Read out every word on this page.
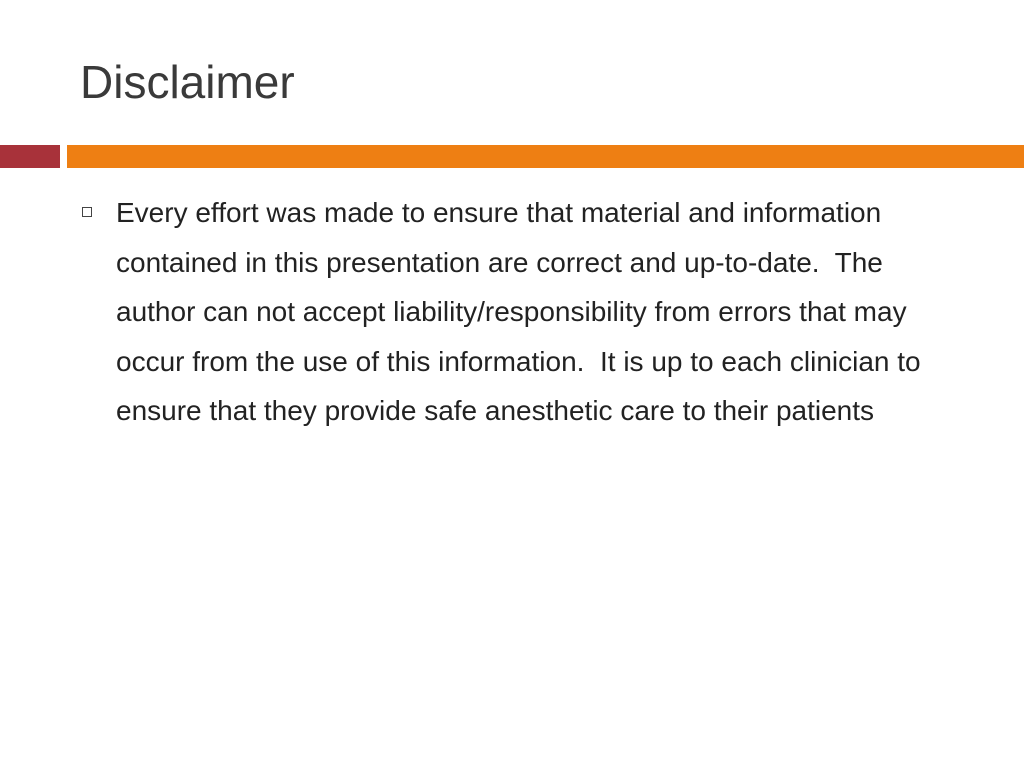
Disclaimer

Every effort was made to ensure that material and information contained in this presentation are correct and up-to-date.  The author can not accept liability/responsibility from errors that may occur from the use of this information.  It is up to each clinician to ensure that they provide safe anesthetic care to their patients
